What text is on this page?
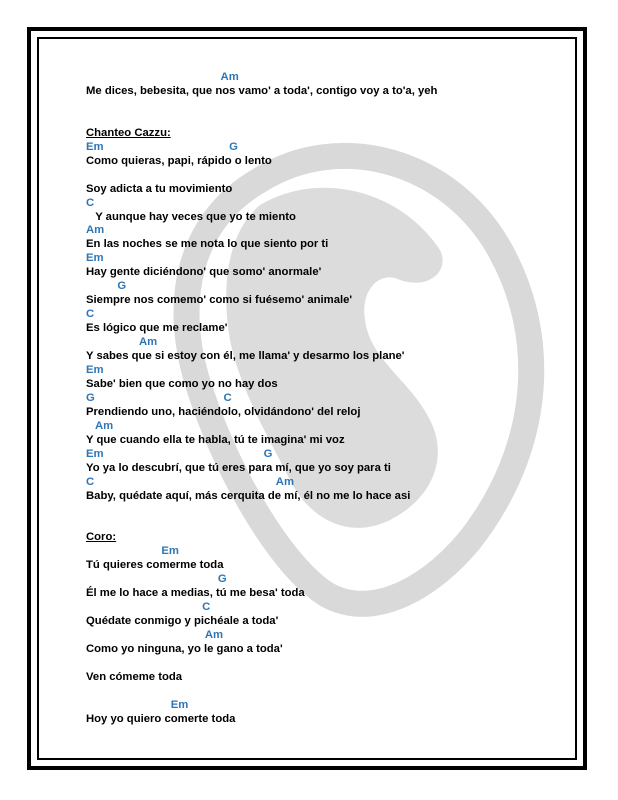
Am
Me dices, bebesita, que nos vamo' a toda', contigo voy a to'a, yeh
Chanteo Cazzu:
Em                                        G
Como quieras, papi, rápido o lento
Soy adicta a tu movimiento
C
Y aunque hay veces que yo te miento
Am
En las noches se me nota lo que siento por ti
Em
Hay gente diciéndono' que somo' anormale'
G
Siempre nos comemo' como si fuésemo' animale'
C
Es lógico que me reclame'
Am
Y sabes que si estoy con él, me llama' y desarmo los plane'
Em
Sabe' bien que como yo no hay dos
G                                         C
Prendiendo uno, haciéndolo, olvidándono' del reloj
Am
Y que cuando ella te habla, tú te imagina' mi voz
Em                                                   G
Yo ya lo descubrí, que tú eres para mí, que yo soy para ti
C                                                          Am
Baby, quédate aquí, más cerquita de mí, él no me lo hace asi
Coro:
Em
Tú quieres comerme toda
G
Él me lo hace a medias, tú me besa' toda
C
Quédate conmigo y pichéale a toda'
Am
Como yo ninguna, yo le gano a toda'
Ven cómeme toda
Em
Hoy yo quiero comerte toda
